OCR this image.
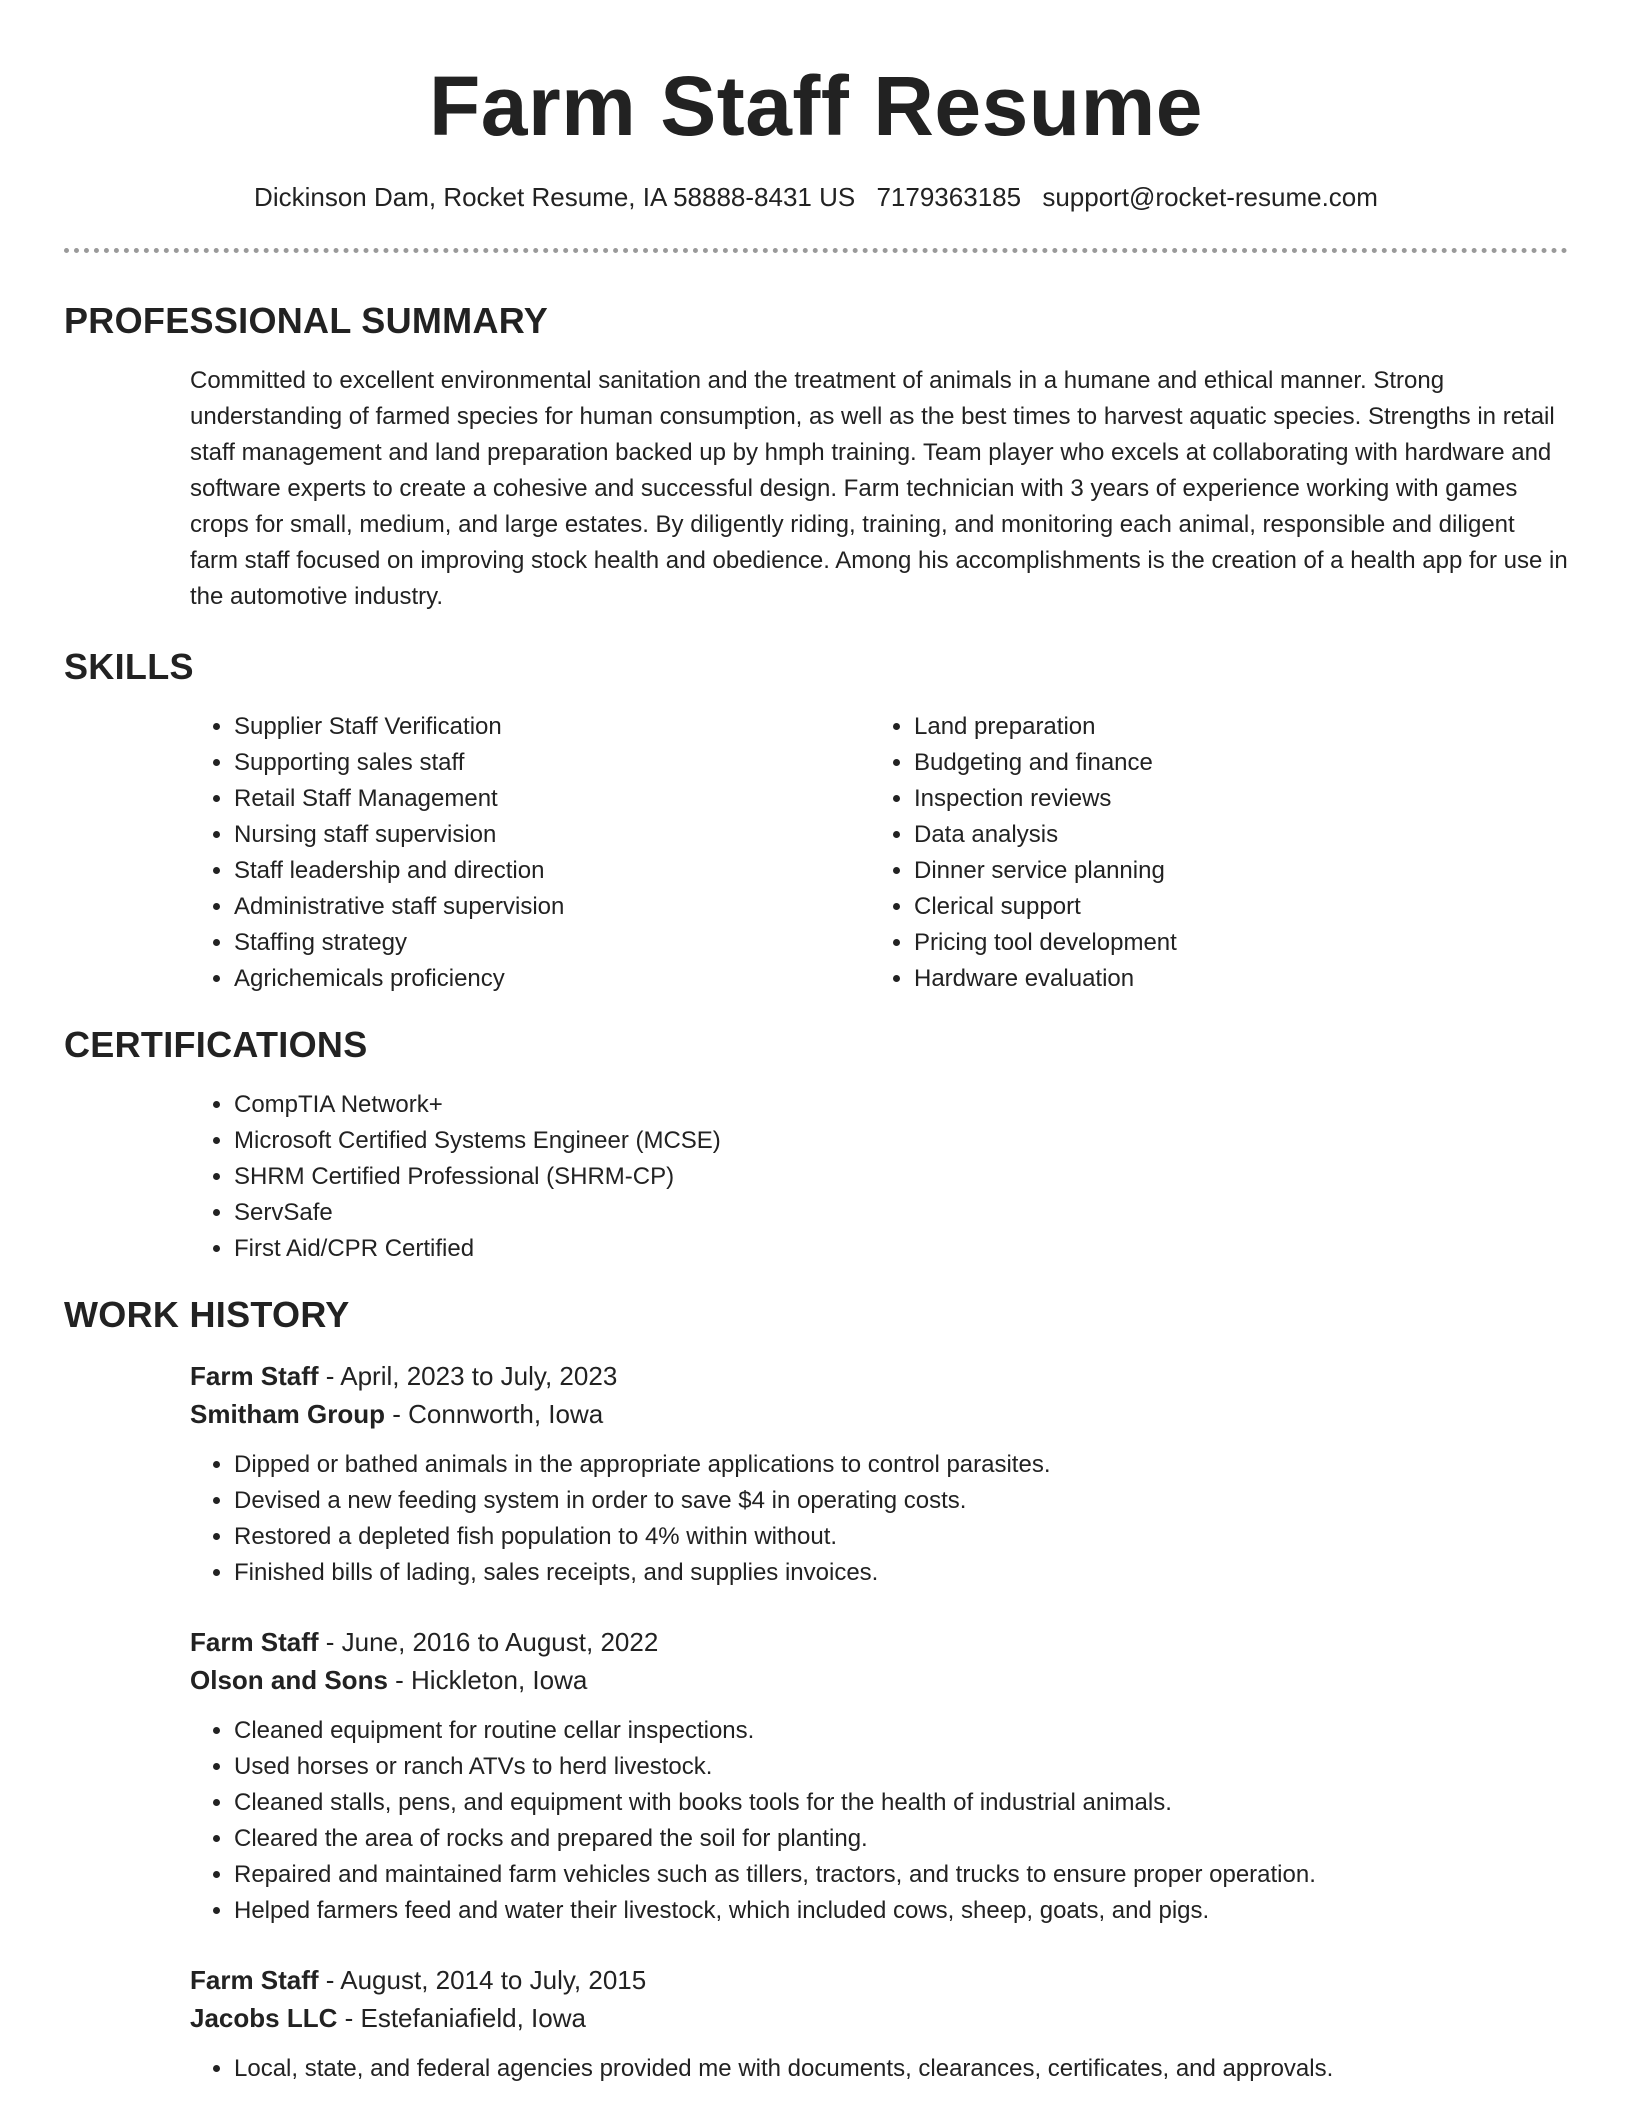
Farm Staff Resume
Dickinson Dam, Rocket Resume, IA 58888-8431 US 7179363185 support@rocket-resume.com
PROFESSIONAL SUMMARY

Committed to excellent environmental sanitation and the treatment of animals in a humane and ethical manner. Strong understanding of farmed species for human consumption, as well as the best times to harvest aquatic species. Strengths in retail staff management and land preparation backed up by hmph training. Team player who excels at collaborating with hardware and software experts to create a cohesive and successful design. Farm technician with 3 years of experience working with games crops for small, medium, and large estates. By diligently riding, training, and monitoring each animal, responsible and diligent farm staff focused on improving stock health and obedience. Among his accomplishments is the creation of a health app for use in the automotive industry.

SKILLS
• Supplier Staff Verification
• Supporting sales staff
• Retail Staff Management
• Nursing staff supervision
• Staff leadership and direction
• Administrative staff supervision
• Staffing strategy
• Agrichemicals proficiency
• Land preparation
• Budgeting and finance
• Inspection reviews
• Data analysis
• Dinner service planning
• Clerical support
• Pricing tool development
• Hardware evaluation
CERTIFICATIONS
• CompTIA Network+
• Microsoft Certified Systems Engineer (MCSE)
• SHRM Certified Professional (SHRM-CP)
• ServSafe
• First Aid/CPR Certified
WORK HISTORY
Farm Staff - April, 2023 to July, 2023
Smitham Group - Connworth, Iowa
• Dipped or bathed animals in the appropriate applications to control parasites.
• Devised a new feeding system in order to save $4 in operating costs.
• Restored a depleted fish population to 4% within without.
• Finished bills of lading, sales receipts, and supplies invoices.
Farm Staff - June, 2016 to August, 2022
Olson and Sons - Hickleton, Iowa
• Cleaned equipment for routine cellar inspections.
• Used horses or ranch ATVs to herd livestock.
• Cleaned stalls, pens, and equipment with books tools for the health of industrial animals.
• Cleared the area of rocks and prepared the soil for planting.
• Repaired and maintained farm vehicles such as tillers, tractors, and trucks to ensure proper operation.
• Helped farmers feed and water their livestock, which included cows, sheep, goats, and pigs.
Farm Staff - August, 2014 to July, 2015
Jacobs LLC - Estefaniafield, Iowa
• Local, state, and federal agencies provided me with documents, clearances, certificates, and approvals.
